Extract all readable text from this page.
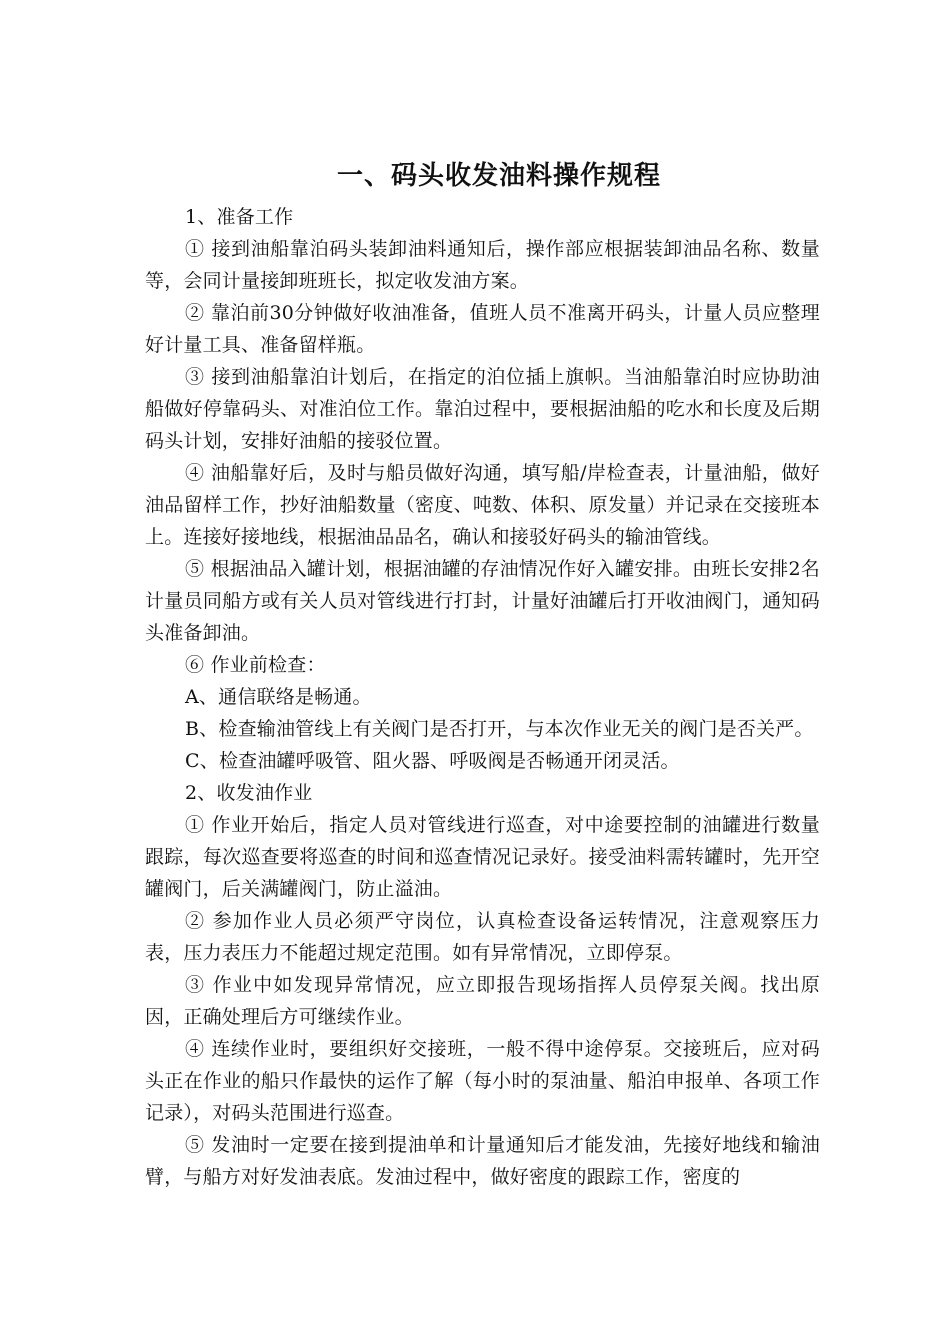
一、码头收发油料操作规程

1、准备工作

① 接到油船靠泊码头装卸油料通知后，操作部应根据装卸油品名称、数量等，会同计量接卸班班长，拟定收发油方案。

② 靠泊前30分钟做好收油准备，值班人员不准离开码头，计量人员应整理好计量工具、准备留样瓶。

③ 接到油船靠泊计划后，在指定的泊位插上旗帜。当油船靠泊时应协助油船做好停靠码头、对准泊位工作。靠泊过程中，要根据油船的吃水和长度及后期码头计划，安排好油船的接驳位置。

④ 油船靠好后，及时与船员做好沟通，填写船/岸检查表，计量油船，做好油品留样工作，抄好油船数量（密度、吨数、体积、原发量）并记录在交接班本上。连接好接地线，根据油品品名，确认和接驳好码头的输油管线。

⑤ 根据油品入罐计划，根据油罐的存油情况作好入罐安排。由班长安排2名计量员同船方或有关人员对管线进行打封，计量好油罐后打开收油阀门，通知码头准备卸油。

⑥ 作业前检查：

A、通信联络是畅通。

B、检查输油管线上有关阀门是否打开，与本次作业无关的阀门是否关严。

C、检查油罐呼吸管、阻火器、呼吸阀是否畅通开闭灵活。

2、收发油作业

① 作业开始后，指定人员对管线进行巡查，对中途要控制的油罐进行数量跟踪，每次巡查要将巡查的时间和巡查情况记录好。接受油料需转罐时，先开空罐阀门，后关满罐阀门，防止溢油。

② 参加作业人员必须严守岗位，认真检查设备运转情况，注意观察压力表，压力表压力不能超过规定范围。如有异常情况，立即停泵。

③ 作业中如发现异常情况，应立即报告现场指挥人员停泵关阀。找出原因，正确处理后方可继续作业。

④ 连续作业时，要组织好交接班，一般不得中途停泵。交接班后，应对码头正在作业的船只作最快的运作了解（每小时的泵油量、船泊申报单、各项工作记录），对码头范围进行巡查。

⑤ 发油时一定要在接到提油单和计量通知后才能发油，先接好地线和输油臂，与船方对好发油表底。发油过程中，做好密度的跟踪工作，密度的
